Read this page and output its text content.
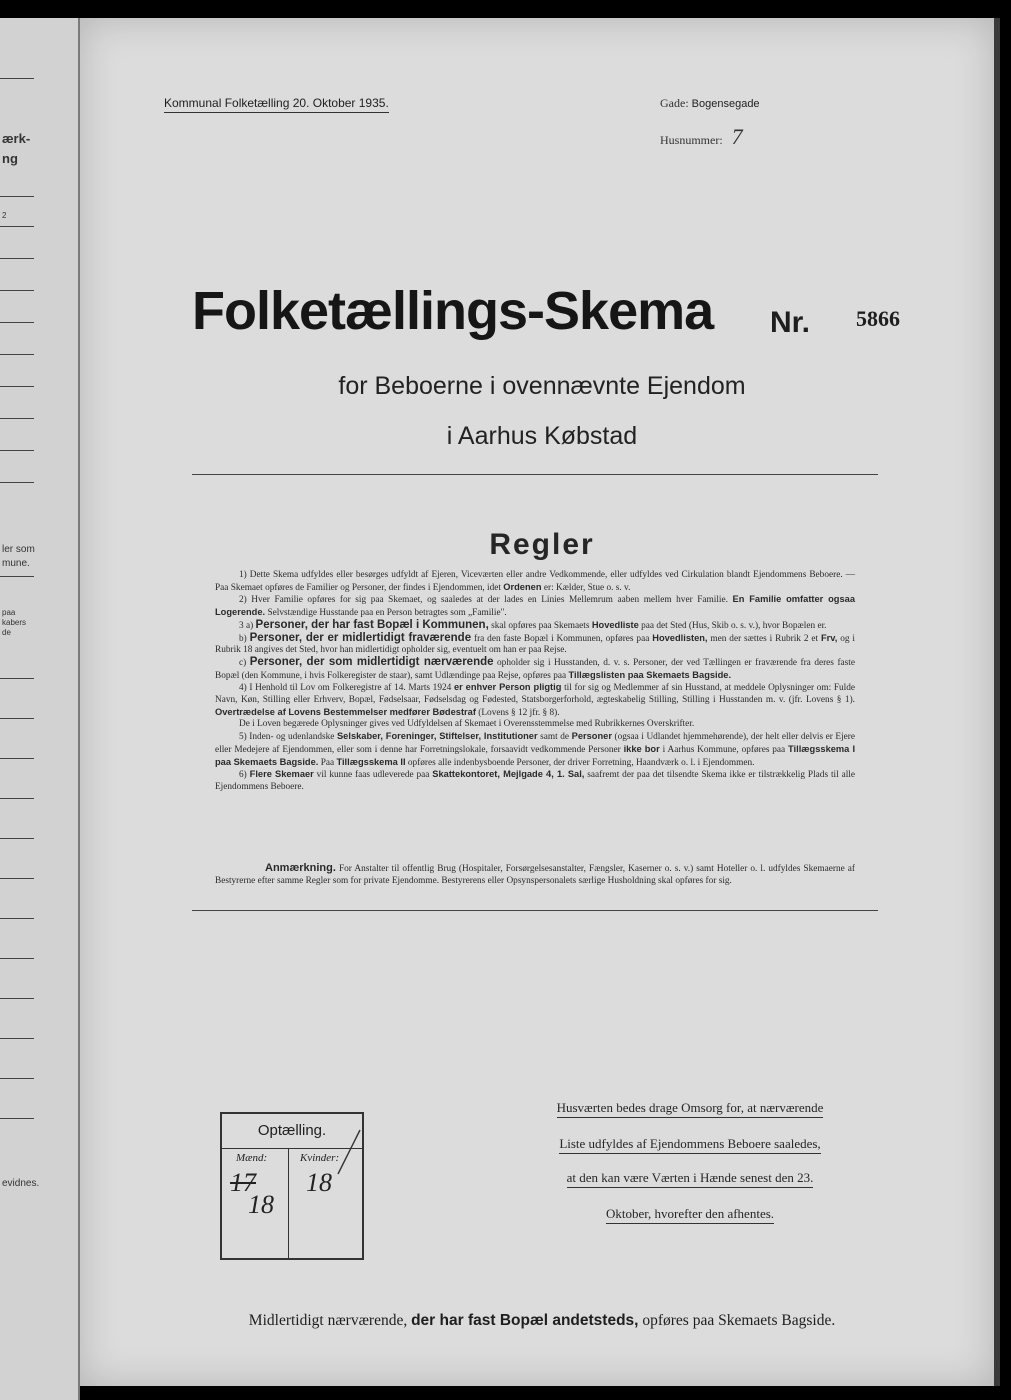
ærk-
ng
2
ler som
mune.
paa
kabers
de
evidnes.
Kommunal Folketælling 20. Oktober 1935.	Gade: Bogensegade
Husnummer: 7
Folketællings-Skema Nr. 5866
for Beboerne i ovennævnte Ejendom
i Aarhus Købstad
Regler

1) Dette Skema udfyldes eller besørges udfyldt af Ejeren, Viceværten eller andre Vedkommende, eller udfyldes ved Cirkulation blandt Ejendommens Beboere. — Paa Skemaet opføres de Familier og Personer, der findes i Ejendommen, idet Ordenen er: Kælder, Stue o. s. v.

2) Hver Familie opføres for sig paa Skemaet, og saaledes at der lades en Linies Mellemrum aaben mellem hver Familie. En Familie omfatter ogsaa Logerende. Selvstændige Husstande paa en Person betragtes som „Familie".

3 a) Personer, der har fast Bopæl i Kommunen, skal opføres paa Skemaets Hovedliste paa det Sted (Hus, Skib o. s. v.), hvor Bopælen er.

b) Personer, der er midlertidigt fraværende fra den faste Bopæl i Kommunen, opføres paa Hovedlisten, men der sættes i Rubrik 2 et Frv, og i Rubrik 18 angives det Sted, hvor han midlertidigt opholder sig, eventuelt om han er paa Rejse.

c) Personer, der som midlertidigt nærværende opholder sig i Husstanden, d. v. s. Personer, der ved Tællingen er fraværende fra deres faste Bopæl (den Kommune, i hvis Folkeregister de staar), samt Udlændinge paa Rejse, opføres paa Tillægslisten paa Skemaets Bagside.

4) I Henhold til Lov om Folkeregistre af 14. Marts 1924 er enhver Person pligtig til for sig og Medlemmer af sin Husstand, at meddele Oplysninger om: Fulde Navn, Køn, Stilling eller Erhverv, Bopæl, Fødselsaar, Fødselsdag og Fødested, Statsborgerforhold, ægteskabelig Stilling, Stilling i Husstanden m. v. (jfr. Lovens § 1). Overtrædelse af Lovens Bestemmelser medfører Bødestraf (Lovens § 12 jfr. § 8).

De i Loven begærede Oplysninger gives ved Udfyldelsen af Skemaet i Overensstemmelse med Rubrikkernes Overskrifter.

5) Inden- og udenlandske Selskaber, Foreninger, Stiftelser, Institutioner samt de Personer (ogsaa i Udlandet hjemmehørende), der helt eller delvis er Ejere eller Medejere af Ejendommen, eller som i denne har Forretningslokale, forsaavidt vedkommende Personer ikke bor i Aarhus Kommune, opføres paa Tillægsskema I paa Skemaets Bagside. Paa Tillægsskema II opføres alle indenbysboende Personer, der driver Forretning, Haandværk o. l. i Ejendommen.

6) Flere Skemaer vil kunne faas udleverede paa Skattekontoret, Mejlgade 4, 1. Sal, saafremt der paa det tilsendte Skema ikke er tilstrækkelig Plads til alle Ejendommens Beboere.

Anmærkning. For Anstalter til offentlig Brug (Hospitaler, Forsørgelsesanstalter, Fængsler, Kaserner o. s. v.) samt Hoteller o. l. udfyldes Skemaerne af Bestyrerne efter samme Regler som for private Ejendomme. Bestyrerens eller Opsynspersonalets særlige Husholdning skal opføres for sig.
Optælling.
Mænd:	Kvinder:
17
18
18
Husværten bedes drage Omsorg for, at nærværende
Liste udfyldes af Ejendommens Beboere saaledes,
at den kan være Værten i Hænde senest den 23.
Oktober, hvorefter den afhentes.
Midlertidigt nærværende, der har fast Bopæl andetsteds, opføres paa Skemaets Bagside.
